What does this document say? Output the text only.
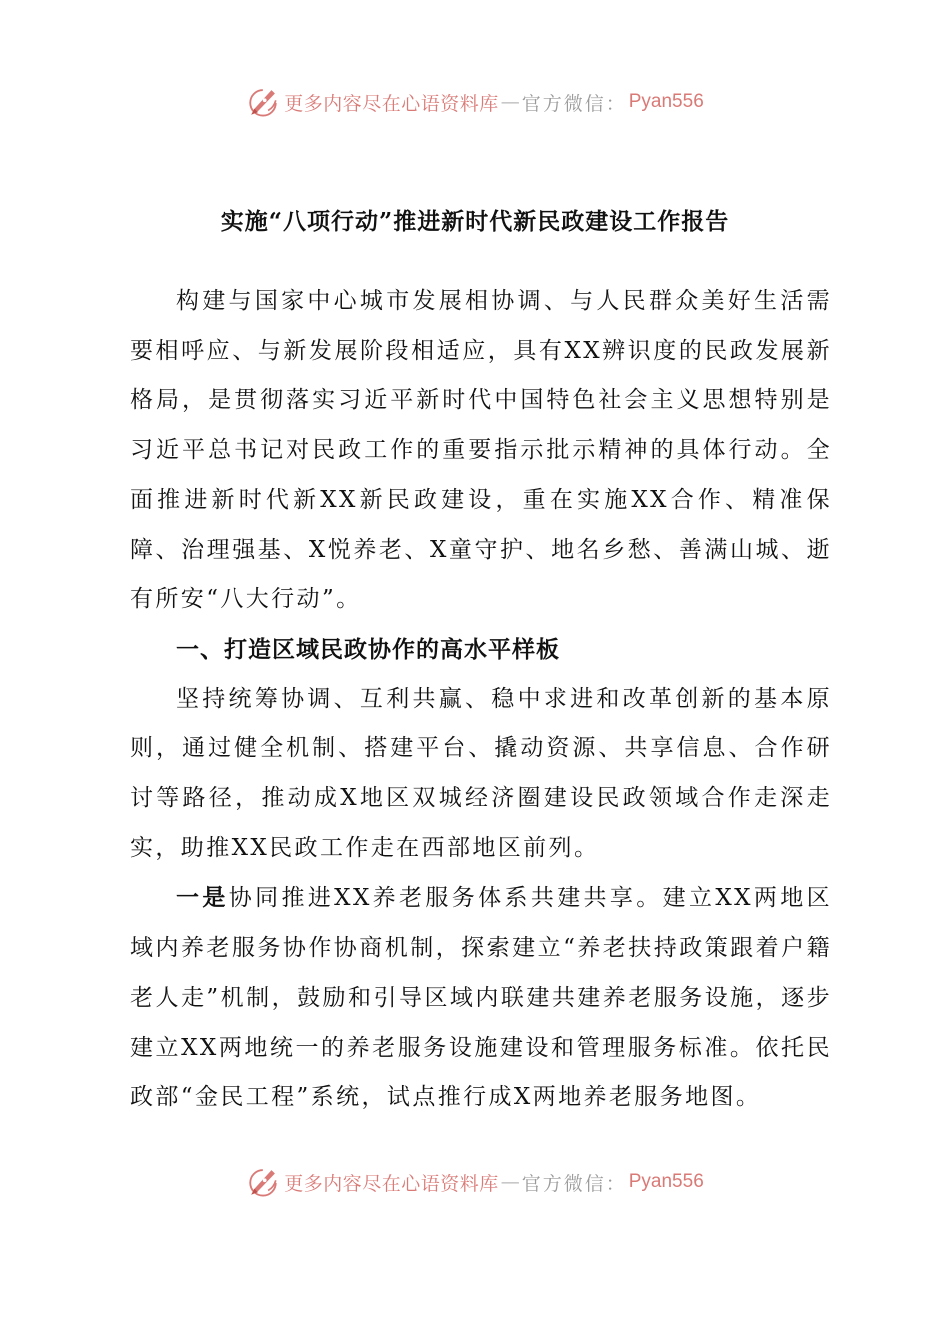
更多内容尽在心语资料库 — 官方微信： Pyan556
实施“八项行动”推进新时代新民政建设工作报告

构建与国家中心城市发展相协调、与人民群众美好生活需要相呼应、与新发展阶段相适应，具有XX辨识度的民政发展新格局，是贯彻落实习近平新时代中国特色社会主义思想特别是习近平总书记对民政工作的重要指示批示精神的具体行动。全面推进新时代新XX新民政建设，重在实施XX合作、精准保障、治理强基、X悦养老、X童守护、地名乡愁、善满山城、逝有所安“八大行动”。

一、打造区域民政协作的高水平样板

坚持统筹协调、互利共赢、稳中求进和改革创新的基本原则，通过健全机制、搭建平台、撬动资源、共享信息、合作研讨等路径，推动成X地区双城经济圈建设民政领域合作走深走实，助推XX民政工作走在西部地区前列。

一是协同推进XX养老服务体系共建共享。建立XX两地区域内养老服务协作协商机制，探索建立“养老扶持政策跟着户籍老人走”机制，鼓励和引导区域内联建共建养老服务设施，逐步建立XX两地统一的养老服务设施建设和管理服务标准。依托民政部“金民工程”系统，试点推行成X两地养老服务地图。

更多内容尽在心语资料库 — 官方微信： Pyan556
